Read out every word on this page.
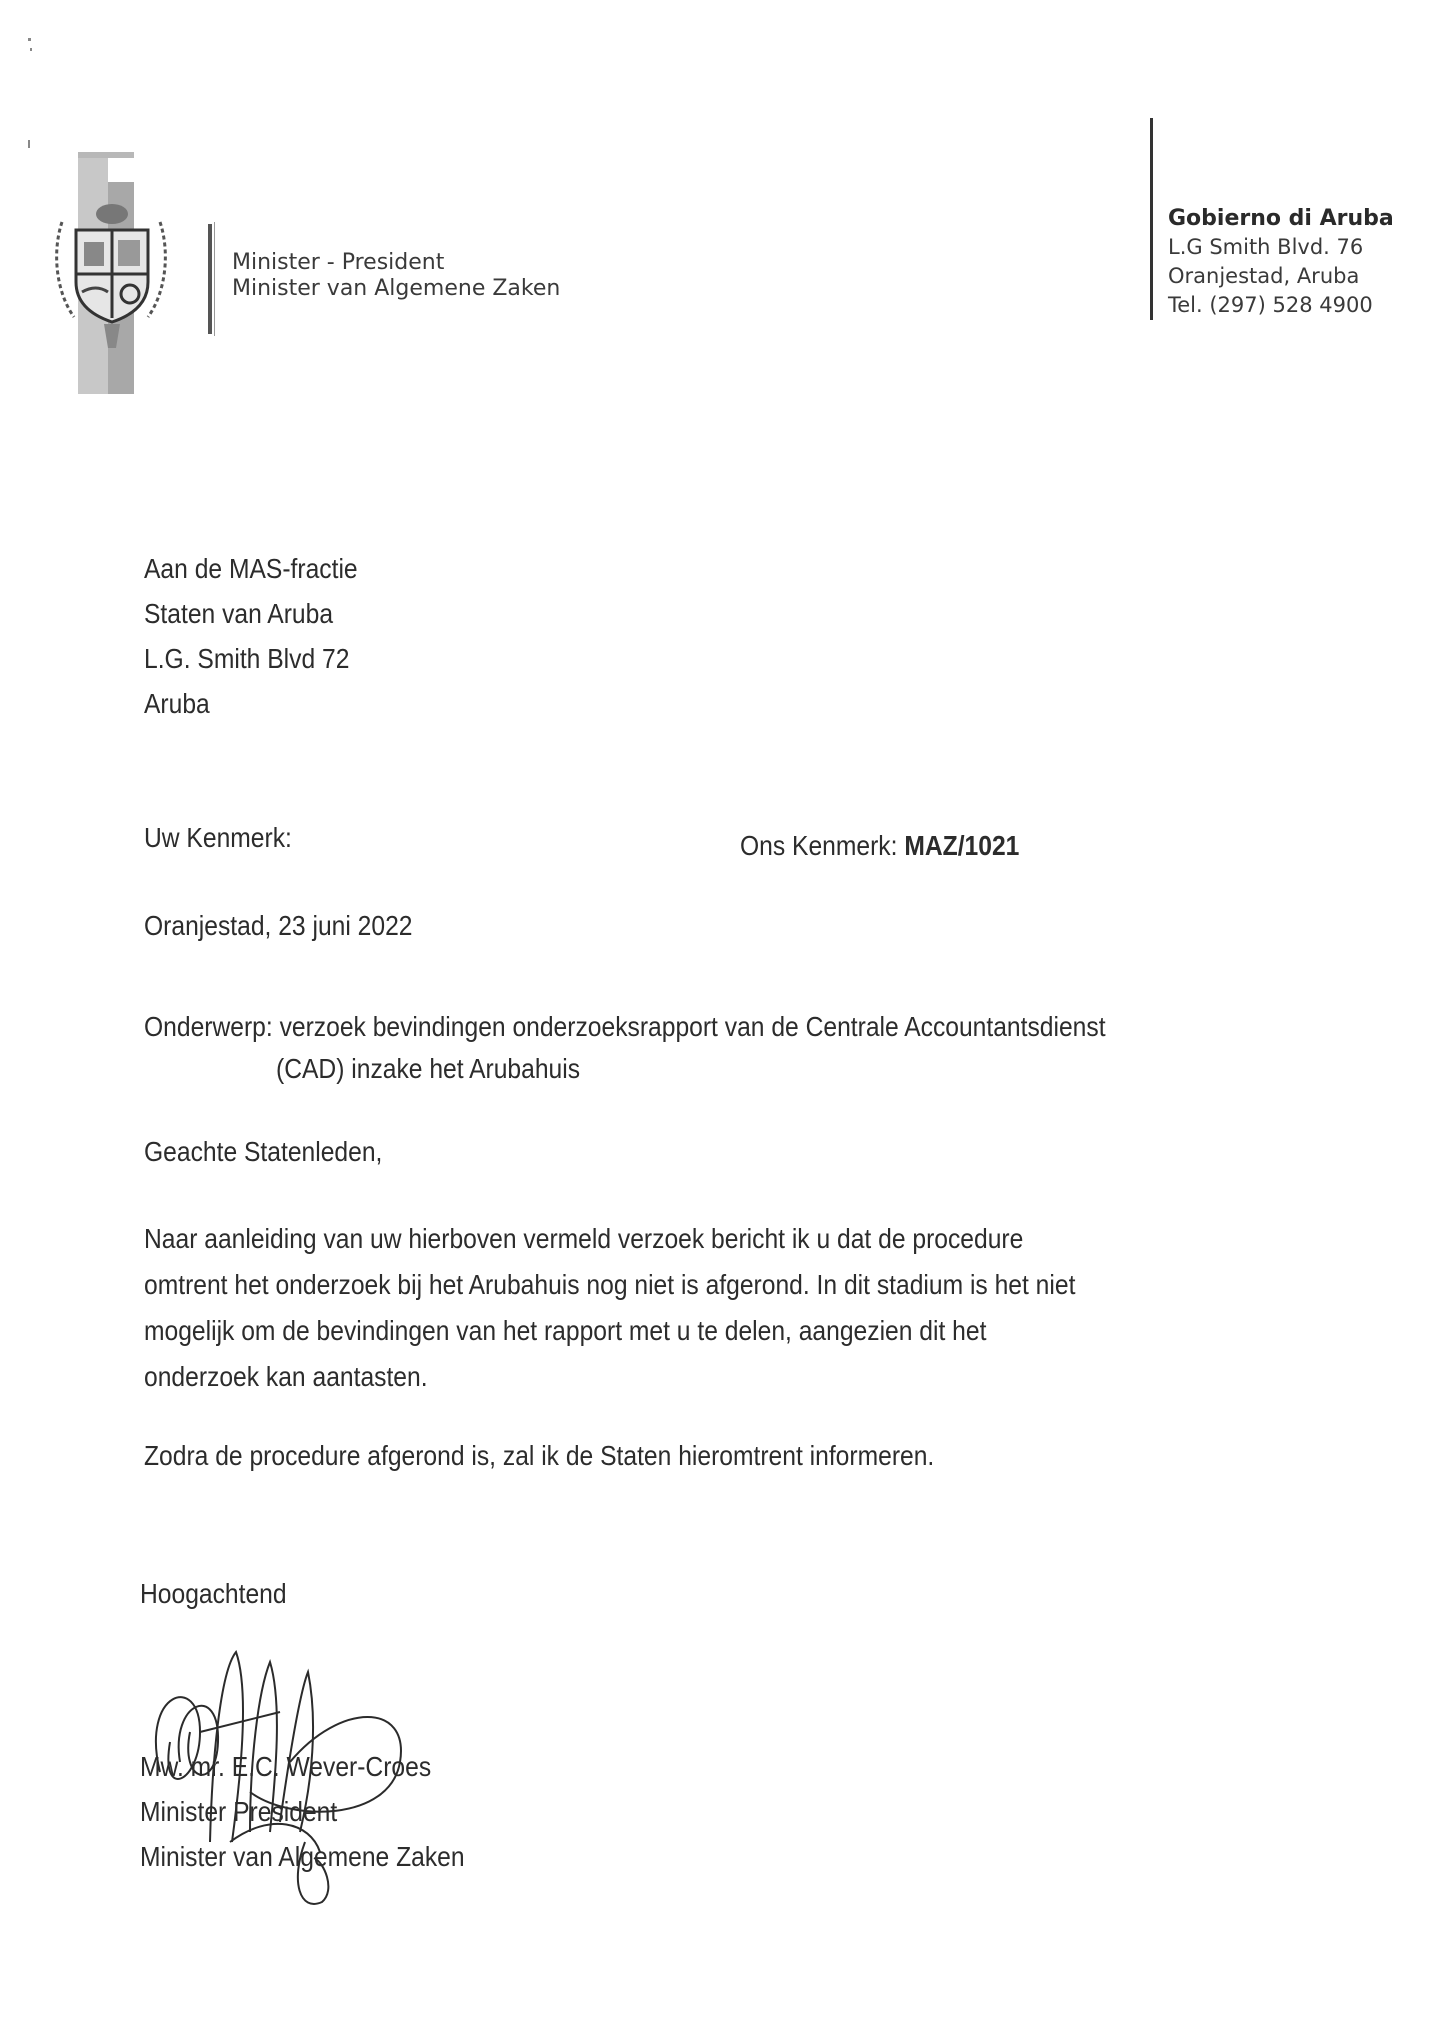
Minister - President
Minister van Algemene Zaken
Gobierno di Aruba
L.G Smith Blvd. 76
Oranjestad, Aruba
Tel. (297) 528 4900
Aan de MAS-fractie
Staten van Aruba
L.G. Smith Blvd 72
Aruba
Uw Kenmerk:	Ons Kenmerk: MAZ/1021
Oranjestad, 23 juni 2022
Onderwerp: verzoek bevindingen onderzoeksrapport van de Centrale Accountantsdienst
(CAD) inzake het Arubahuis
Geachte Statenleden,
Naar aanleiding van uw hierboven vermeld verzoek bericht ik u dat de procedure
omtrent het onderzoek bij het Arubahuis nog niet is afgerond. In dit stadium is het niet
mogelijk om de bevindingen van het rapport met u te delen, aangezien dit het
onderzoek kan aantasten.
Zodra de procedure afgerond is, zal ik de Staten hieromtrent informeren.
Hoogachtend
Mw. mr. E.C. Wever-Croes
Minister President
Minister van Algemene Zaken
